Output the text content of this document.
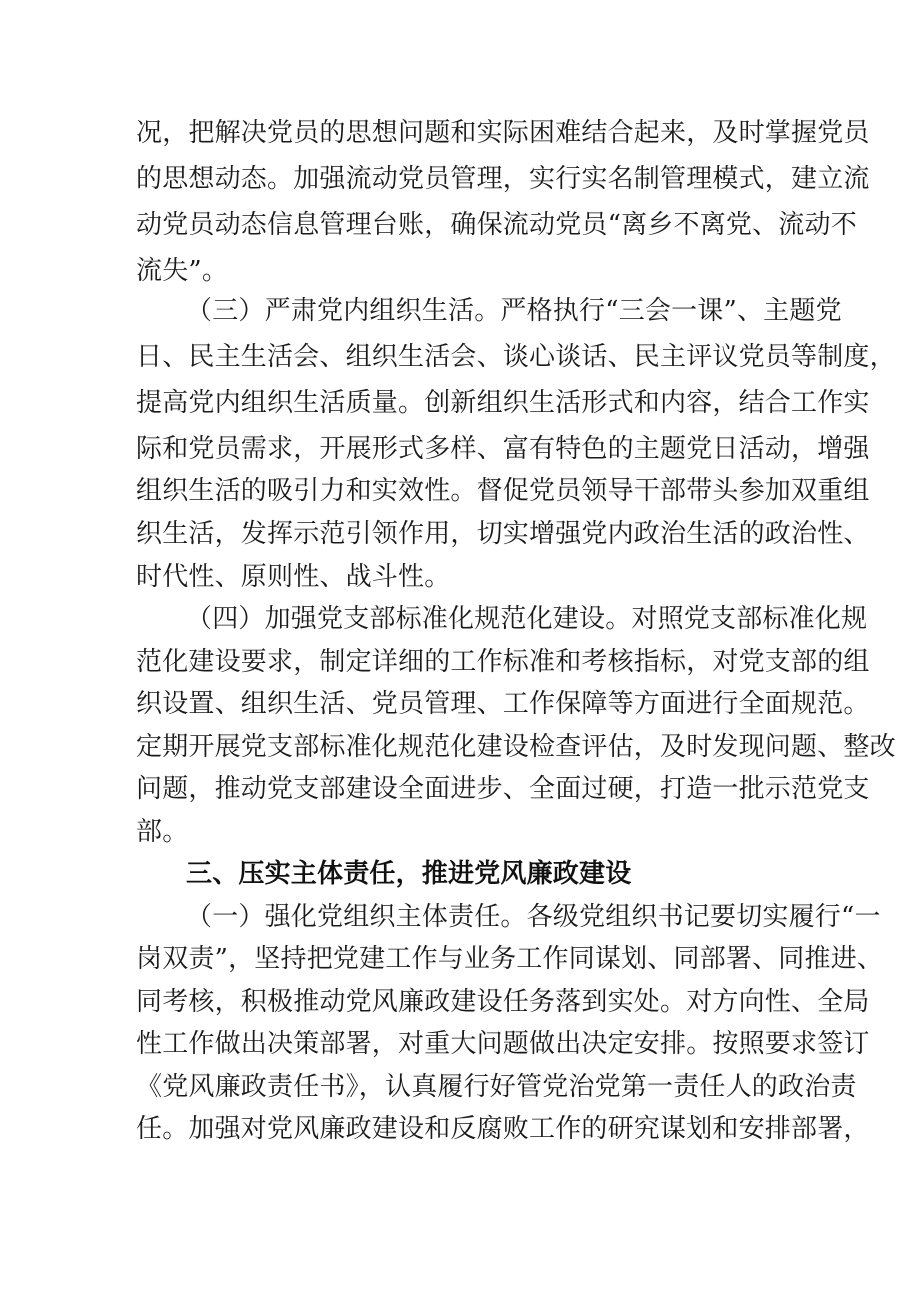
况，把解决党员的思想问题和实际困难结合起来，及时掌握党员
的思想动态。加强流动党员管理，实行实名制管理模式，建立流
动党员动态信息管理台账，确保流动党员“离乡不离党、流动不
流失”。
（三）严肃党内组织生活。严格执行“三会一课”、主题党
日、民主生活会、组织生活会、谈心谈话、民主评议党员等制度，
提高党内组织生活质量。创新组织生活形式和内容，结合工作实
际和党员需求，开展形式多样、富有特色的主题党日活动，增强
组织生活的吸引力和实效性。督促党员领导干部带头参加双重组
织生活，发挥示范引领作用，切实增强党内政治生活的政治性、
时代性、原则性、战斗性。
（四）加强党支部标准化规范化建设。对照党支部标准化规
范化建设要求，制定详细的工作标准和考核指标，对党支部的组
织设置、组织生活、党员管理、工作保障等方面进行全面规范。
定期开展党支部标准化规范化建设检查评估，及时发现问题、整改
问题，推动党支部建设全面进步、全面过硬，打造一批示范党支
部。
三、压实主体责任，推进党风廉政建设
（一）强化党组织主体责任。各级党组织书记要切实履行“一
岗双责”，坚持把党建工作与业务工作同谋划、同部署、同推进、
同考核，积极推动党风廉政建设任务落到实处。对方向性、全局
性工作做出决策部署，对重大问题做出决定安排。按照要求签订
《党风廉政责任书》，认真履行好管党治党第一责任人的政治责
任。加强对党风廉政建设和反腐败工作的研究谋划和安排部署，
